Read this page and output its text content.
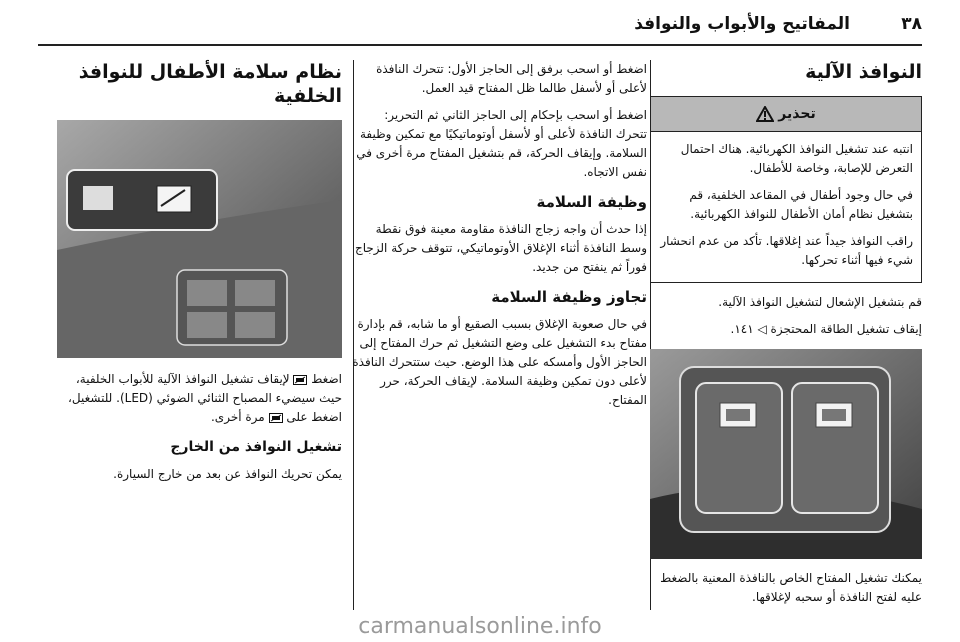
٣٨
المفاتيح والأبواب والنوافذ
النوافذ الآلية
تحذير

انتبه عند تشغيل النوافذ الكهربائية. هناك احتمال التعرض للإصابة، وخاصة للأطفال.

في حال وجود أطفال في المقاعد الخلفية، قم بتشغيل نظام أمان الأطفال للنوافذ الكهربائية.

راقب النوافذ جيداً عند إغلاقها. تأكد من عدم انحشار شيء فيها أثناء تحركها.

قم بتشغيل الإشعال لتشغيل النوافذ الآلية.

إيقاف تشغيل الطاقة المحتجزة ◁ ١٤١.

يمكنك تشغيل المفتاح الخاص بالنافذة المعنية بالضغط عليه لفتح النافذة أو سحبه لإغلاقها.

اضغط أو اسحب برفق إلى الحاجز الأول: تتحرك النافذة لأعلى أو لأسفل طالما ظل المفتاح قيد العمل.

اضغط أو اسحب بإحكام إلى الحاجز الثاني ثم التحرير: تتحرك النافذة لأعلى أو لأسفل أوتوماتيكيًا مع تمكين وظيفة السلامة. وإيقاف الحركة، قم بتشغيل المفتاح مرة أخرى في نفس الاتجاه.

وظيفة السلامة

إذا حدث أن واجه زجاج النافذة مقاومة معينة فوق نقطة وسط النافذة أثناء الإغلاق الأوتوماتيكي، تتوقف حركة الزجاج فوراً ثم ينفتح من جديد.

تجاوز وظيفة السلامة

في حال صعوبة الإغلاق بسبب الصقيع أو ما شابه، قم بإدارة مفتاح بدء التشغيل على وضع التشغيل ثم حرك المفتاح إلى الحاجز الأول وأمسكه على هذا الوضع. حيث ستتحرك النافذة لأعلى دون تمكين وظيفة السلامة. لإيقاف الحركة، حرر المفتاح.

نظام سلامة الأطفال للنوافذ الخلفية

اضغط  لإيقاف تشغيل النوافذ الآلية للأبواب الخلفية، حيث سيضيء المصباح الثنائي الضوئي (LED). للتشغيل، اضغط على  مرة أخرى.

تشغيل النوافذ من الخارج

يمكن تحريك النوافذ عن بعد من خارج السيارة.

carmanualsonline.info
